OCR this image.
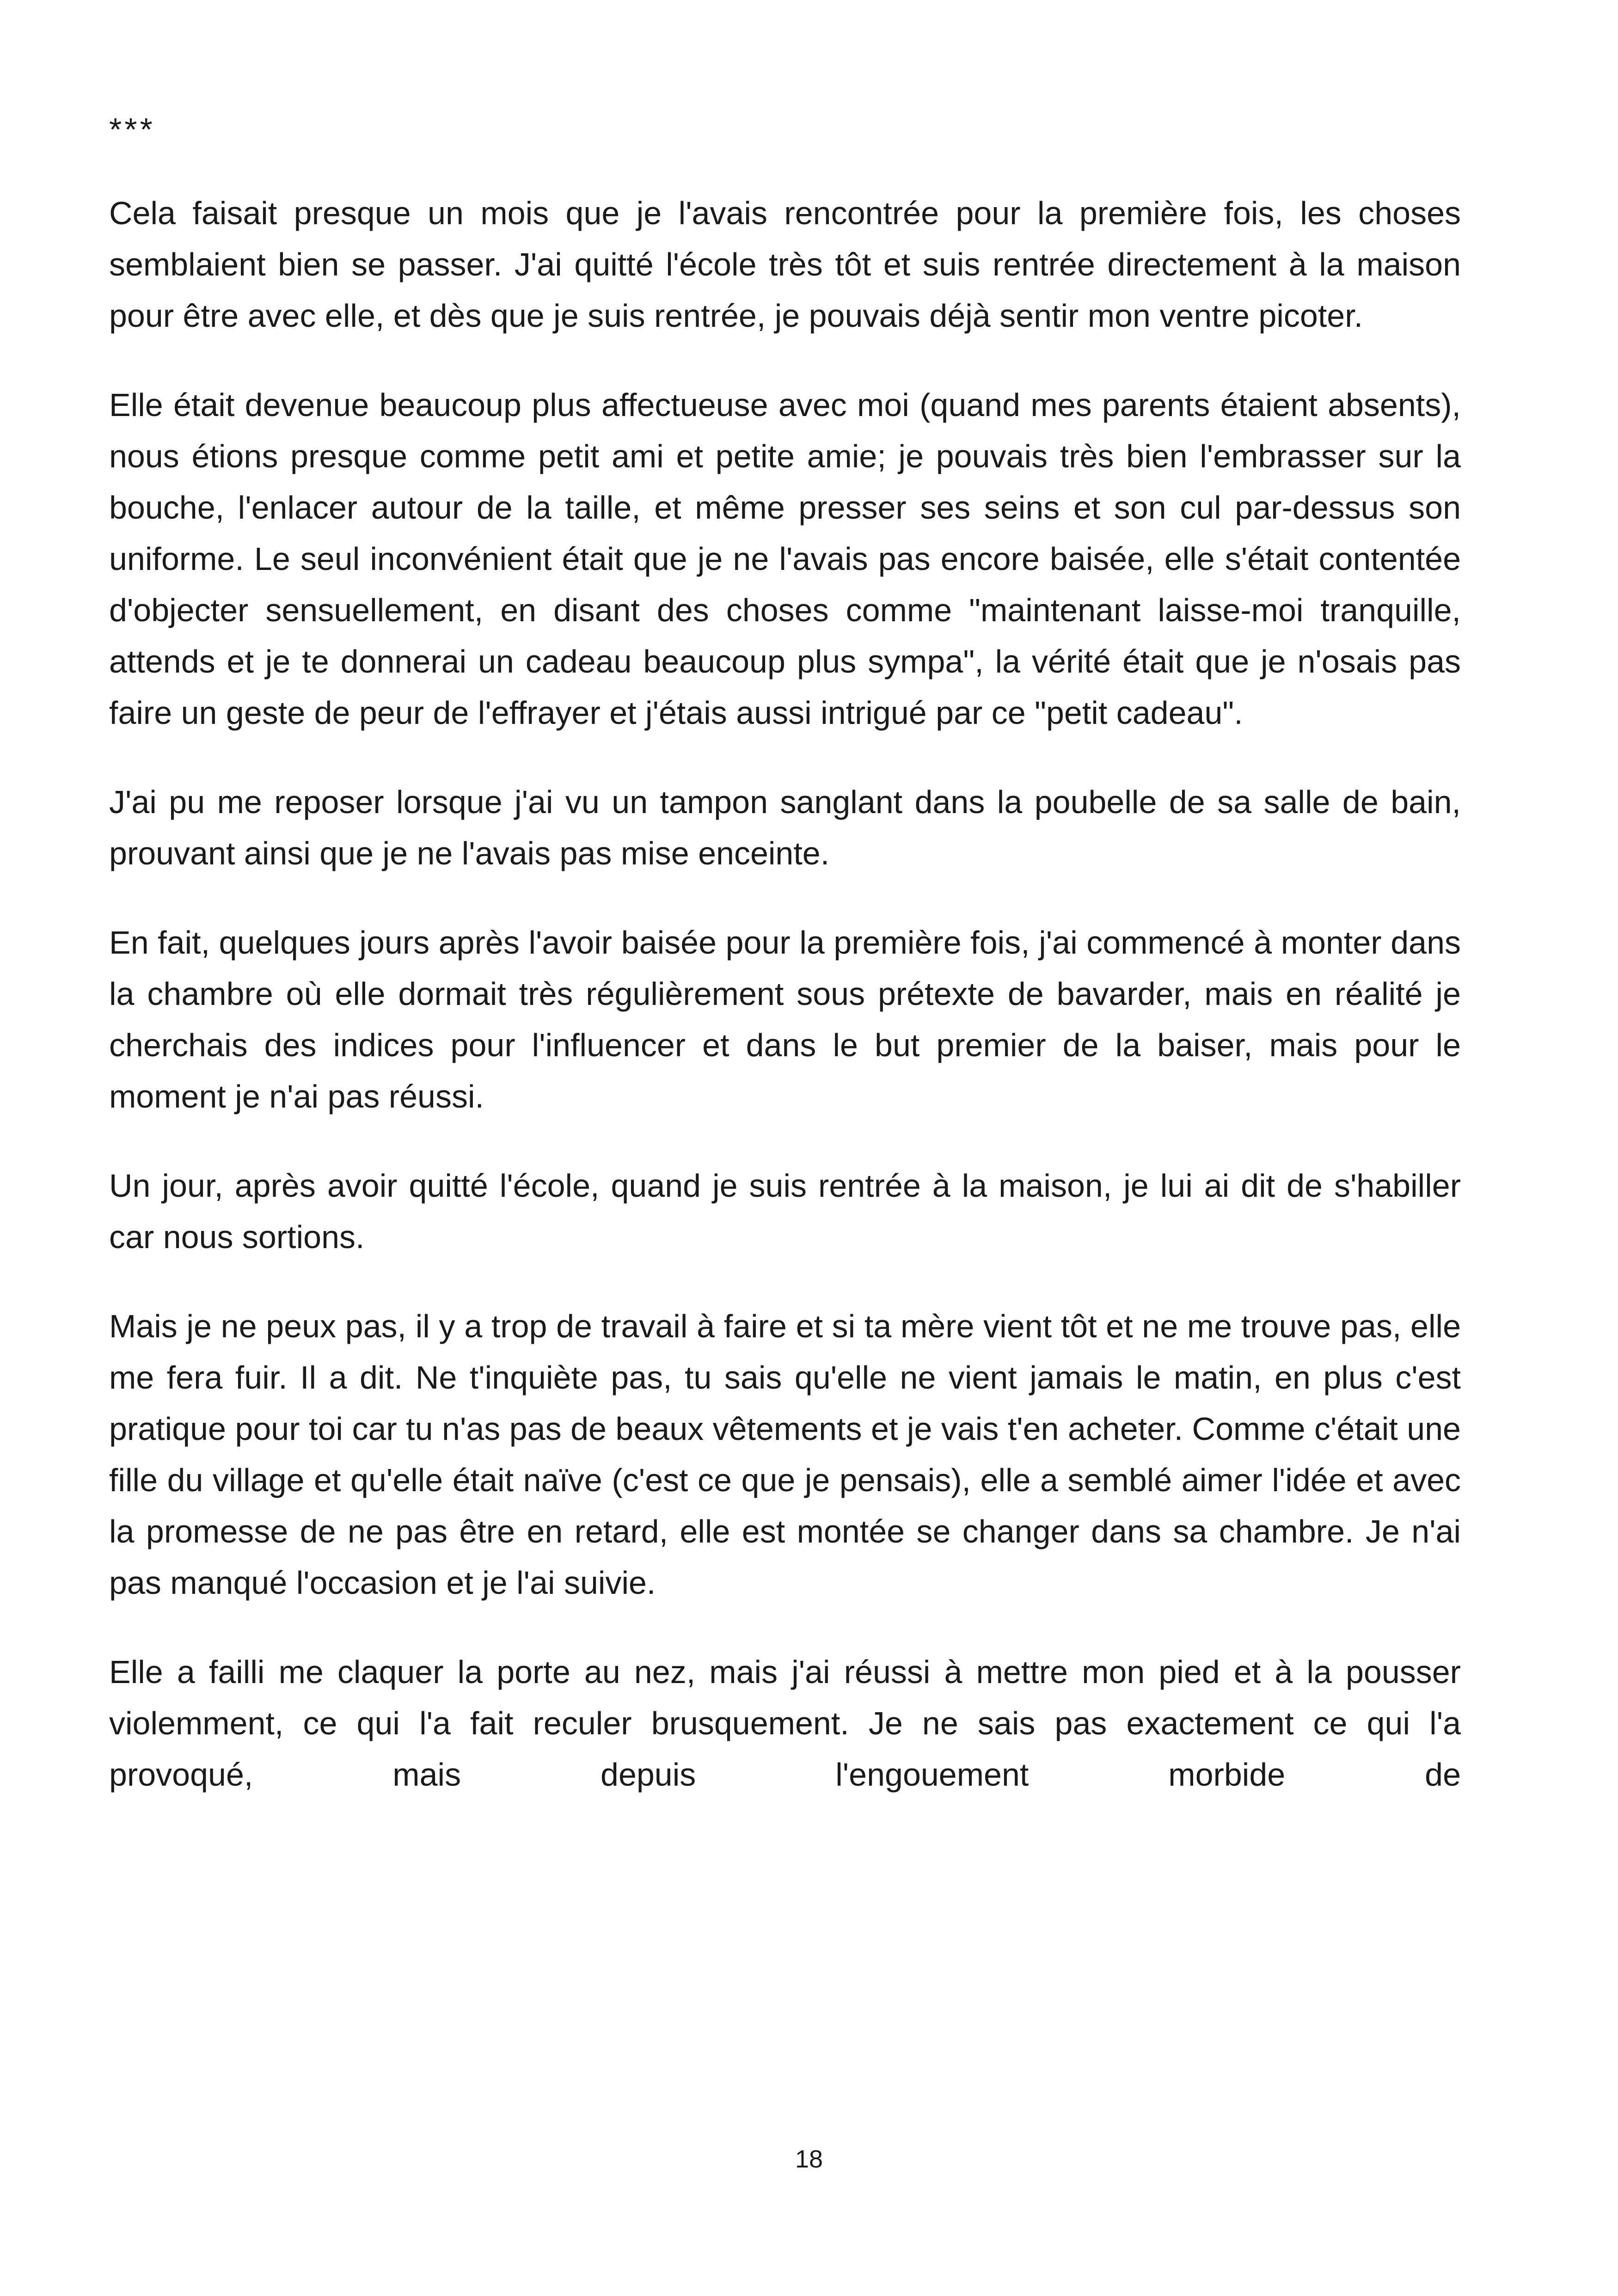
***

Cela faisait presque un mois que je l'avais rencontrée pour la première fois, les choses semblaient bien se passer. J'ai quitté l'école très tôt et suis rentrée directement à la maison pour être avec elle, et dès que je suis rentrée, je pouvais déjà sentir mon ventre picoter.

Elle était devenue beaucoup plus affectueuse avec moi (quand mes parents étaient absents), nous étions presque comme petit ami et petite amie; je pouvais très bien l'embrasser sur la bouche, l'enlacer autour de la taille, et même presser ses seins et son cul par-dessus son uniforme. Le seul inconvénient était que je ne l'avais pas encore baisée, elle s'était contentée d'objecter sensuellement, en disant des choses comme "maintenant laisse-moi tranquille, attends et je te donnerai un cadeau beaucoup plus sympa", la vérité était que je n'osais pas faire un geste de peur de l'effrayer et j'étais aussi intrigué par ce "petit cadeau".

J'ai pu me reposer lorsque j'ai vu un tampon sanglant dans la poubelle de sa salle de bain, prouvant ainsi que je ne l'avais pas mise enceinte.

En fait, quelques jours après l'avoir baisée pour la première fois, j'ai commencé à monter dans la chambre où elle dormait très régulièrement sous prétexte de bavarder, mais en réalité je cherchais des indices pour l'influencer et dans le but premier de la baiser, mais pour le moment je n'ai pas réussi.

Un jour, après avoir quitté l'école, quand je suis rentrée à la maison, je lui ai dit de s'habiller car nous sortions.

Mais je ne peux pas, il y a trop de travail à faire et si ta mère vient tôt et ne me trouve pas, elle me fera fuir. Il a dit. Ne t'inquiète pas, tu sais qu'elle ne vient jamais le matin, en plus c'est pratique pour toi car tu n'as pas de beaux vêtements et je vais t'en acheter. Comme c'était une fille du village et qu'elle était naïve (c'est ce que je pensais), elle a semblé aimer l'idée et avec la promesse de ne pas être en retard, elle est montée se changer dans sa chambre. Je n'ai pas manqué l'occasion et je l'ai suivie.

Elle a failli me claquer la porte au nez, mais j'ai réussi à mettre mon pied et à la pousser violemment, ce qui l'a fait reculer brusquement. Je ne sais pas exactement ce qui l'a provoqué, mais depuis l'engouement morbide de

18
